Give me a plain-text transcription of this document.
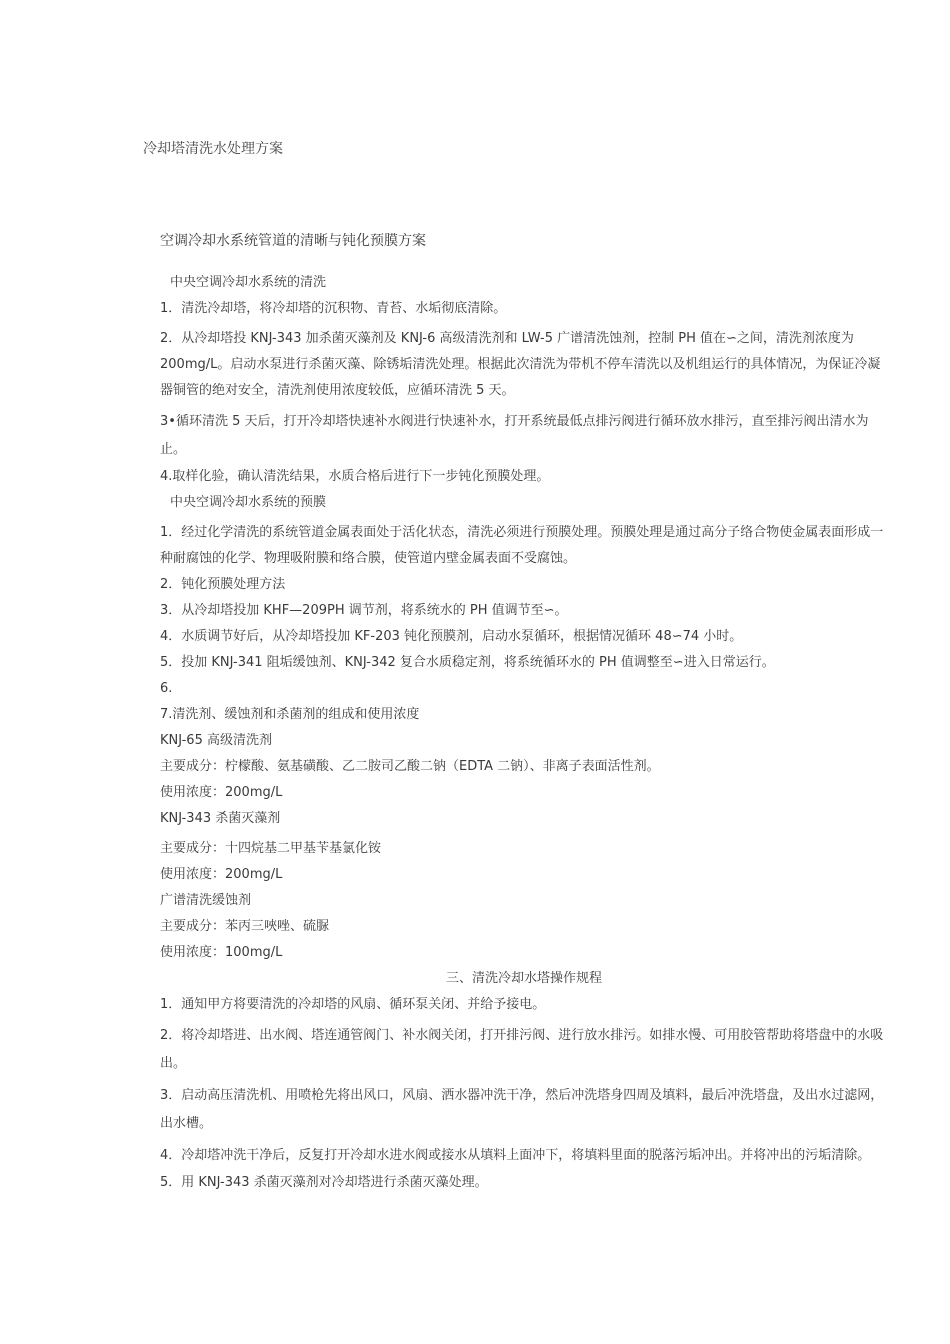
冷却塔清洗水处理方案

空调冷却水系统管道的清晰与钝化预膜方案

中央空调冷却水系统的清洗

1．清洗冷却塔，将冷却塔的沉积物、青苔、水垢彻底清除。

2．从冷却塔投 KNJ-343 加杀菌灭藻剂及 KNJ-6 高级清洗剂和 LW-5 广谱清洗蚀剂，控制 PH 值在∽之间，清洗剂浓度为 200mg/L。启动水泵进行杀菌灭藻、除锈垢清洗处理。根据此次清洗为带机不停车清洗以及机组运行的具体情况，为保证冷凝器铜管的绝对安全，清洗剂使用浓度较低，应循环清洗 5 天。

3•循环清洗 5 天后，打开冷却塔快速补水阀进行快速补水，打开系统最低点排污阀进行循环放水排污，直至排污阀出清水为止。

4.取样化验，确认清洗结果，水质合格后进行下一步钝化预膜处理。

中央空调冷却水系统的预膜

1．经过化学清洗的系统管道金属表面处于活化状态，清洗必须进行预膜处理。预膜处理是通过高分子络合物使金属表面形成一种耐腐蚀的化学、物理吸附膜和络合膜，使管道内壁金属表面不受腐蚀。

2．钝化预膜处理方法

3．从冷却塔投加 KHF—209PH 调节剂，将系统水的 PH 值调节至∽。

4．水质调节好后，从冷却塔投加 KF-203 钝化预膜剂，启动水泵循环，根据情况循环 48∽74 小时。

5．投加 KNJ-341 阻垢缓蚀剂、KNJ-342 复合水质稳定剂，将系统循环水的 PH 值调整至∽进入日常运行。

6.

7.清洗剂、缓蚀剂和杀菌剂的组成和使用浓度

KNJ-65 高级清洗剂

主要成分：柠檬酸、氨基磺酸、乙二胺司乙酸二钠（EDTA 二钠）、非离子表面活性剂。

使用浓度：200mg/L

KNJ-343 杀菌灭藻剂

主要成分：十四烷基二甲基苄基氯化铵

使用浓度：200mg/L

广谱清洗缓蚀剂

主要成分：苯丙三唊唑、硫脲

使用浓度：100mg/L

三、清洗冷却水塔操作规程

1．通知甲方将要清洗的冷却塔的风扇、循环泵关闭、并给予接电。

2．将冷却塔进、出水阀、塔连通管阀门、补水阀关闭，打开排污阀、进行放水排污。如排水慢、可用胶管帮助将塔盘中的水吸出。

3．启动高压清洗机、用喷枪先将出风口，风扇、洒水器冲洗干净，然后冲洗塔身四周及填料，最后冲洗塔盘，及出水过滤网，出水槽。

4．冷却塔冲洗干净后，反复打开冷却水进水阀或接水从填料上面冲下，将填料里面的脱落污垢冲出。并将冲出的污垢清除。

5．用 KNJ-343 杀菌灭藻剂对冷却塔进行杀菌灭藻处理。
